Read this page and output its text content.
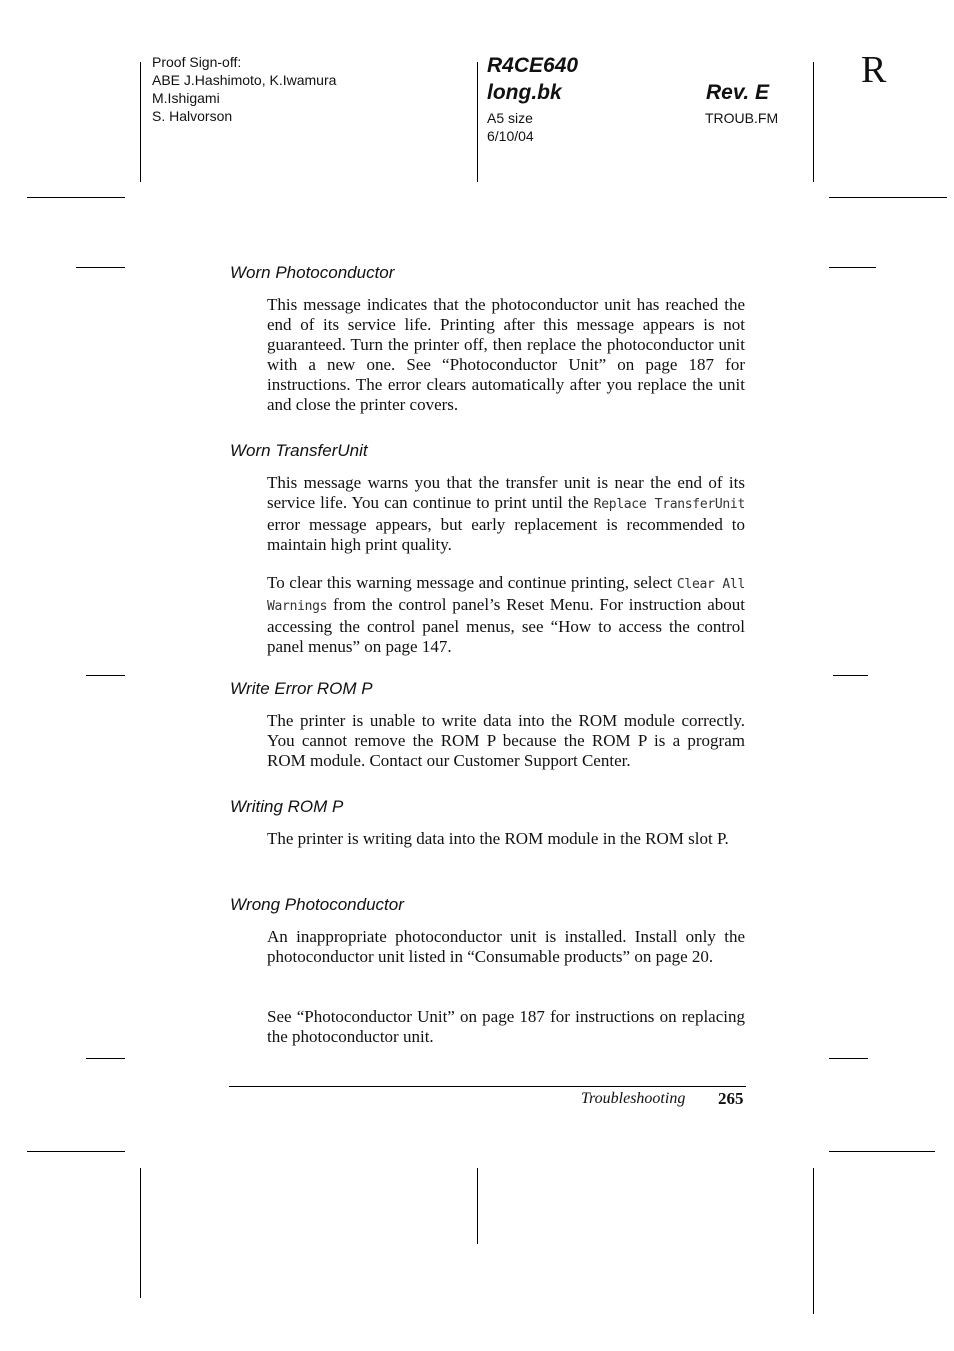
Proof Sign-off:
ABE J.Hashimoto, K.Iwamura
M.Ishigami
S. Halvorson
R4CE640
long.bk	Rev. E
A5 size
6/10/04
TROUB.FM
R
Worn Photoconductor
This message indicates that the photoconductor unit has reached the end of its service life. Printing after this message appears is not guaranteed. Turn the printer off, then replace the photoconductor unit with a new one. See “Photoconductor Unit” on page 187 for instructions. The error clears automatically after you replace the unit and close the printer covers.
Worn TransferUnit
This message warns you that the transfer unit is near the end of its service life. You can continue to print until the Replace TransferUnit error message appears, but early replacement is recommended to maintain high print quality.
To clear this warning message and continue printing, select Clear All Warnings from the control panel’s Reset Menu. For instruction about accessing the control panel menus, see “How to access the control panel menus” on page 147.
Write Error ROM P
The printer is unable to write data into the ROM module correctly. You cannot remove the ROM P because the ROM P is a program ROM module. Contact our Customer Support Center.
Writing ROM P
The printer is writing data into the ROM module in the ROM slot P.
Wrong Photoconductor
An inappropriate photoconductor unit is installed. Install only the photoconductor unit listed in “Consumable products” on page 20.
See “Photoconductor Unit” on page 187 for instructions on replacing the photoconductor unit.
Troubleshooting 265
